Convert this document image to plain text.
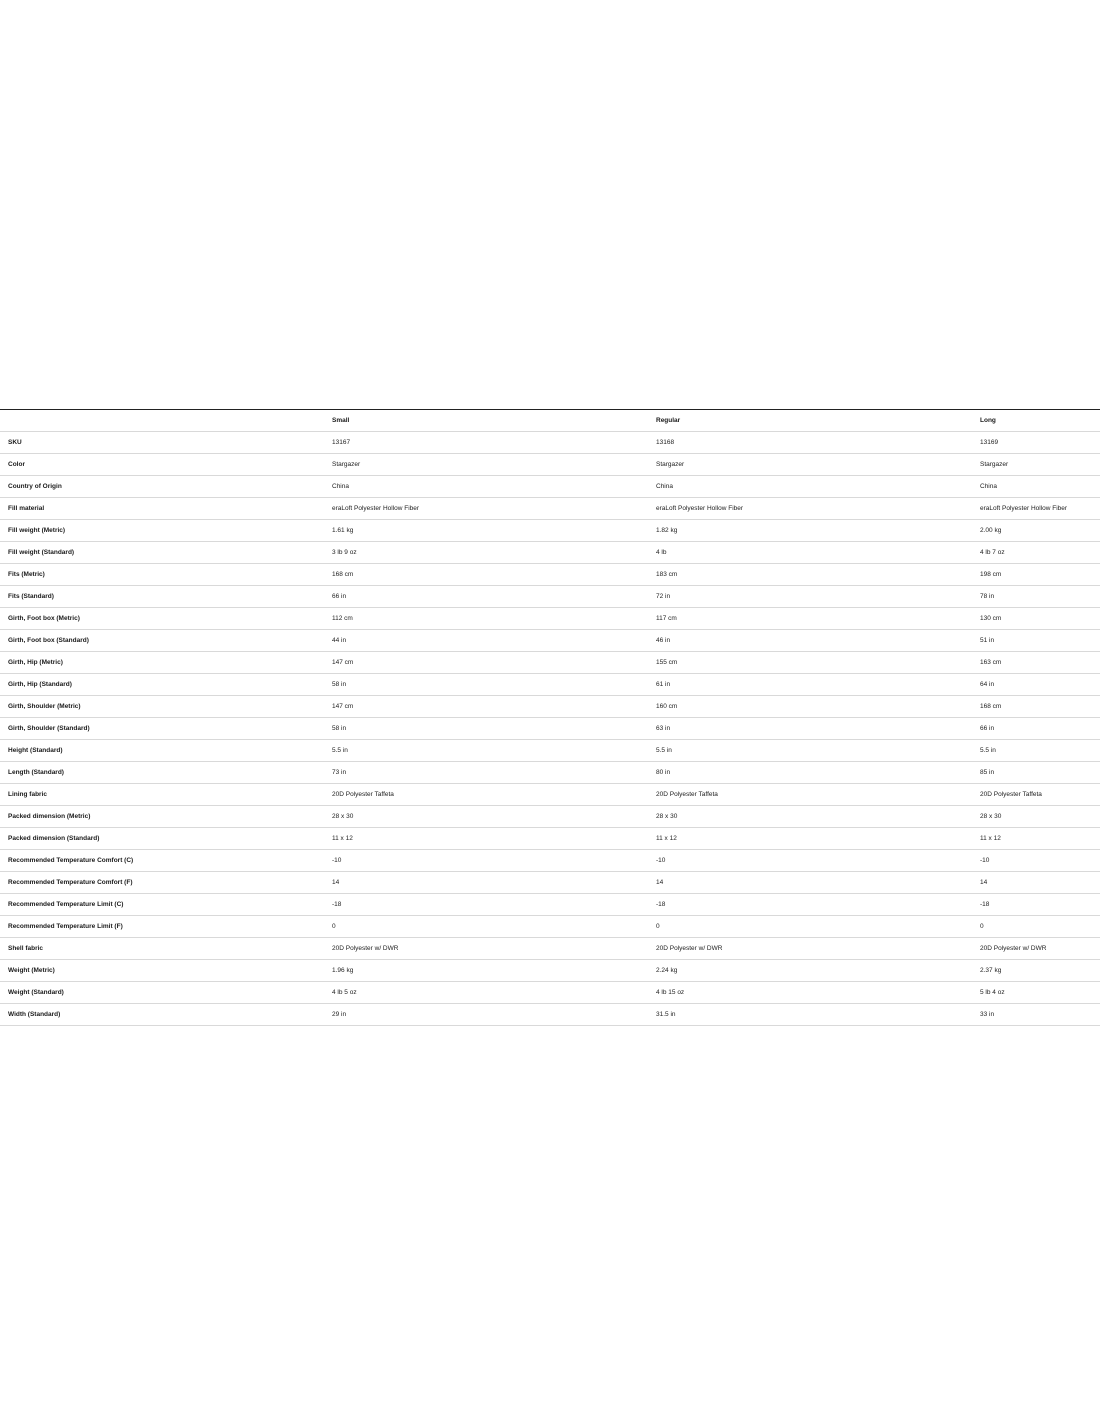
	Small	Regular	Long
SKU	13167	13168	13169
Color	Stargazer	Stargazer	Stargazer
Country of Origin	China	China	China
Fill material	eraLoft Polyester Hollow Fiber	eraLoft Polyester Hollow Fiber	eraLoft Polyester Hollow Fiber
Fill weight (Metric)	1.61 kg	1.82 kg	2.00 kg
Fill weight (Standard)	3 lb 9 oz	4 lb	4 lb 7 oz
Fits (Metric)	168 cm	183 cm	198 cm
Fits (Standard)	66 in	72 in	78 in
Girth, Foot box (Metric)	112 cm	117 cm	130 cm
Girth, Foot box (Standard)	44 in	46 in	51 in
Girth, Hip (Metric)	147 cm	155 cm	163 cm
Girth, Hip (Standard)	58 in	61 in	64 in
Girth, Shoulder (Metric)	147 cm	160 cm	168 cm
Girth, Shoulder (Standard)	58 in	63 in	66 in
Height (Standard)	5.5 in	5.5 in	5.5 in
Length (Standard)	73 in	80 in	85 in
Lining fabric	20D Polyester Taffeta	20D Polyester Taffeta	20D Polyester Taffeta
Packed dimension (Metric)	28 x 30	28 x 30	28 x 30
Packed dimension (Standard)	11 x 12	11 x 12	11 x 12
Recommended Temperature Comfort (C)	-10	-10	-10
Recommended Temperature Comfort (F)	14	14	14
Recommended Temperature Limit (C)	-18	-18	-18
Recommended Temperature Limit (F)	0	0	0
Shell fabric	20D Polyester w/ DWR	20D Polyester w/ DWR	20D Polyester w/ DWR
Weight (Metric)	1.96 kg	2.24 kg	2.37 kg
Weight (Standard)	4 lb 5 oz	4 lb 15 oz	5 lb 4 oz
Width (Standard)	29 in	31.5 in	33 in
